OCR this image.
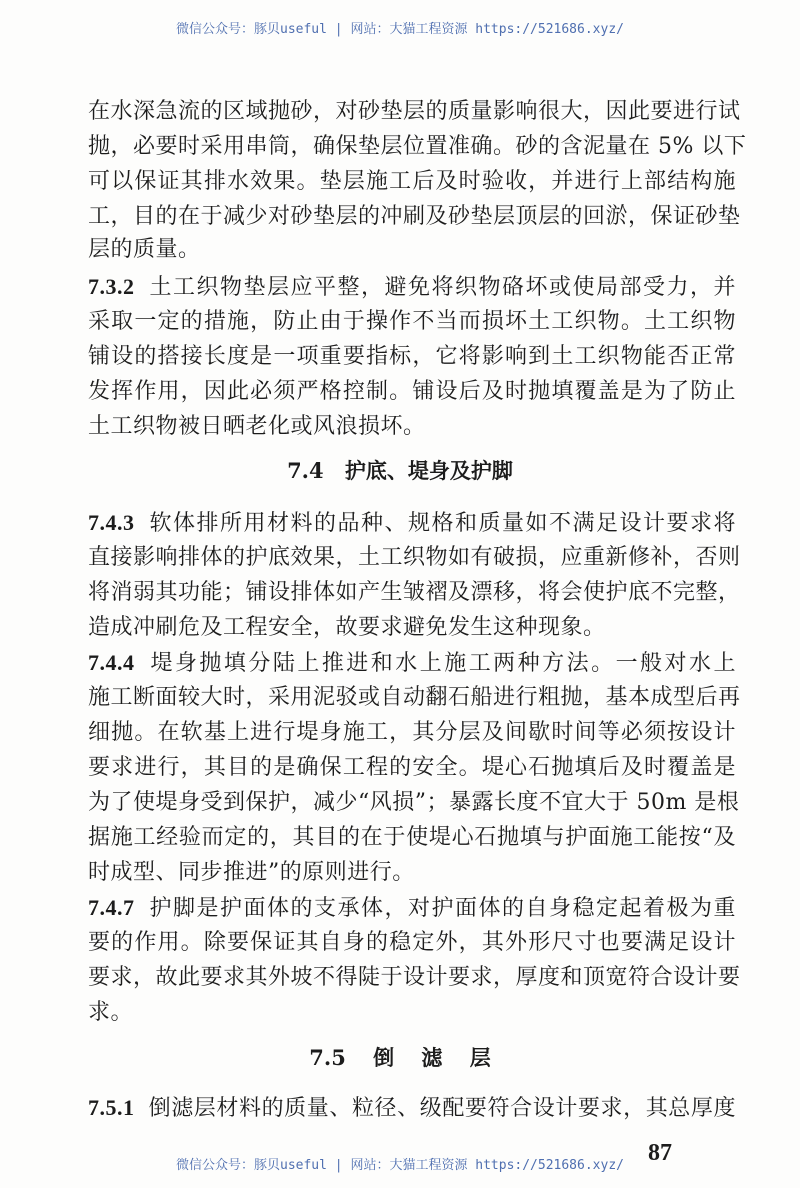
微信公众号：豚贝useful | 网站：大猫工程资源 https://521686.xyz/
在水深急流的区域抛砂，对砂垫层的质量影响很大，因此要进行试
抛，必要时采用串筒，确保垫层位置准确。砂的含泥量在 5% 以下
可以保证其排水效果。垫层施工后及时验收，并进行上部结构施
工，目的在于减少对砂垫层的冲刷及砂垫层顶层的回淤，保证砂垫
层的质量。
7.3.2 土工织物垫层应平整，避免将织物硌坏或使局部受力，并
采取一定的措施，防止由于操作不当而损坏土工织物。土工织物
铺设的搭接长度是一项重要指标，它将影响到土工织物能否正常
发挥作用，因此必须严格控制。铺设后及时抛填覆盖是为了防止
土工织物被日晒老化或风浪损坏。
7.4 护底、堤身及护脚
7.4.3 软体排所用材料的品种、规格和质量如不满足设计要求将
直接影响排体的护底效果，土工织物如有破损，应重新修补，否则
将消弱其功能；铺设排体如产生皱褶及漂移，将会使护底不完整，
造成冲刷危及工程安全，故要求避免发生这种现象。
7.4.4 堤身抛填分陆上推进和水上施工两种方法。一般对水上
施工断面较大时，采用泥驳或自动翻石船进行粗抛，基本成型后再
细抛。在软基上进行堤身施工，其分层及间歇时间等必须按设计
要求进行，其目的是确保工程的安全。堤心石抛填后及时覆盖是
为了使堤身受到保护，减少“风损”；暴露长度不宜大于 50m 是根
据施工经验而定的，其目的在于使堤心石抛填与护面施工能按“及
时成型、同步推进”的原则进行。
7.4.7 护脚是护面体的支承体，对护面体的自身稳定起着极为重
要的作用。除要保证其自身的稳定外，其外形尺寸也要满足设计
要求，故此要求其外坡不得陡于设计要求，厚度和顶宽符合设计要
求。
7.5 倒 滤 层
7.5.1 倒滤层材料的质量、粒径、级配要符合设计要求，其总厚度
微信公众号：豚贝useful | 网站：大猫工程资源 https://521686.xyz/	87
